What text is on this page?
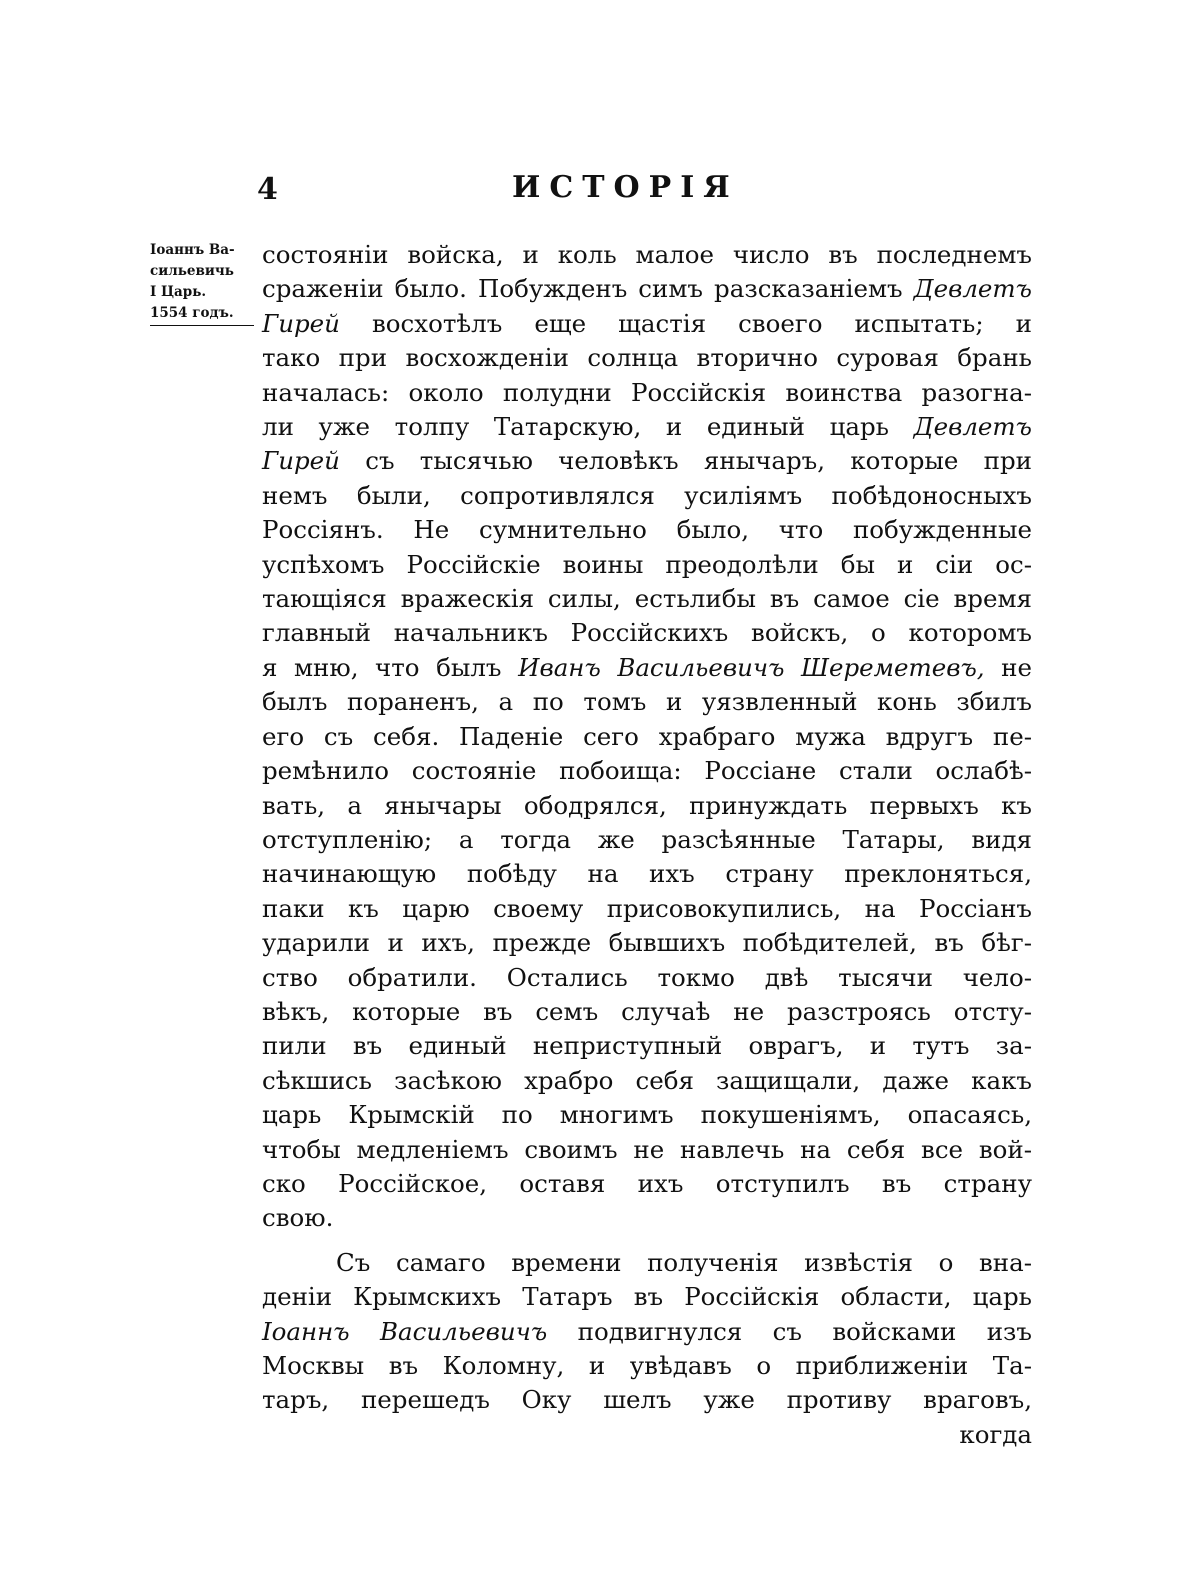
4	ИСТОРІЯ
Іоаннъ Ва-
сильевичь
I Царь.
1554 годъ.
состояніи войска, и коль малое число въ последнемъ
сраженіи было. Побужденъ симъ разсказаніемъ Девлетъ
Гирей восхотѣлъ еще щастія своего испытать; и
тако при восхожденіи солнца вторично суровая брань
началась: около полудни Россійскія воинства разогна-
ли уже толпу Татарскую, и единый царь Девлетъ
Гирей съ тысячью человѣкъ янычаръ, которые при
немъ были, сопротивлялся усиліямъ побѣдоносныхъ
Россіянъ. Не сумнительно было, что побужденные
успѣхомъ Россійскіе воины преодолѣли бы и сіи ос-
тающіяся вражескія силы, естьлибы въ самое сіе время
главный начальникъ Россійскихъ войскъ, о которомъ
я мню, что былъ Иванъ Васильевичъ Шереметевъ, не
былъ пораненъ, а по томъ и уязвленный конь збилъ
его съ себя. Паденіе сего храбраго мужа вдругъ пе-
ремѣнило состояніе побоища: Россіане стали ослабѣ-
вать, а янычары ободрялся, принуждать первыхъ къ
отступленію; а тогда же разсѣянные Татары, видя
начинающую побѣду на ихъ страну преклоняться,
паки къ царю своему присовокупились, на Россіанъ
ударили и ихъ, прежде бывшихъ побѣдителей, въ бѣг-
ство обратили. Остались токмо двѣ тысячи чело-
вѣкъ, которые въ семъ случаѣ не разстроясь отсту-
пили въ единый неприступный оврагъ, и тутъ за-
сѣкшись засѣкою храбро себя защищали, даже какъ
царь Крымскій по многимъ покушеніямъ, опасаясь,
чтобы медленіемъ своимъ не навлечь на себя все вой-
ско Россійское, оставя ихъ отступилъ въ страну
свою.
Съ самаго времени полученія извѣстія о вна-
деніи Крымскихъ Татаръ въ Россійскія области, царь
Іоаннъ Васильевичъ подвигнулся съ войсками изъ
Москвы въ Коломну, и увѣдавъ о приближеніи Та-
таръ, перешедъ Оку шелъ уже противу враговъ,
когда
